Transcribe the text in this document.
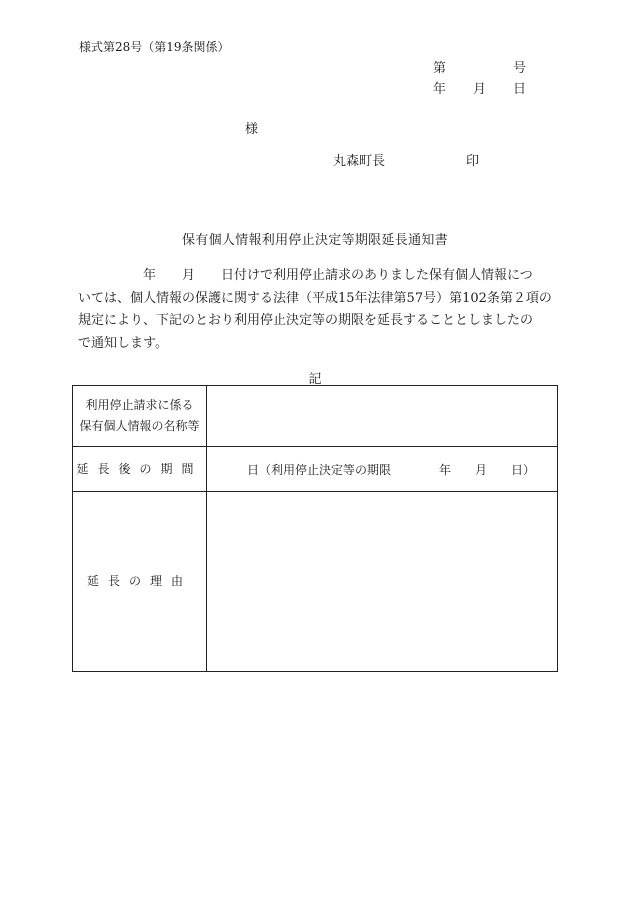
様式第28号（第19条関係）
第	号
年 月 日
様
丸森町長	印
保有個人情報利用停止決定等期限延長通知書
　　　　　年　　月　　日付けで利用停止請求のありました保有個人情報につ
いては、個人情報の保護に関する法律（平成15年法律第57号）第102条第２項の
規定により、下記のとおり利用停止決定等の期限を延長することとしましたの
で通知します。
記
利用停止請求に係る
保有個人情報の名称等	

延長後の期間	日（利用停止決定等の期限　　　　年　　月　　日）
延長の理由	
